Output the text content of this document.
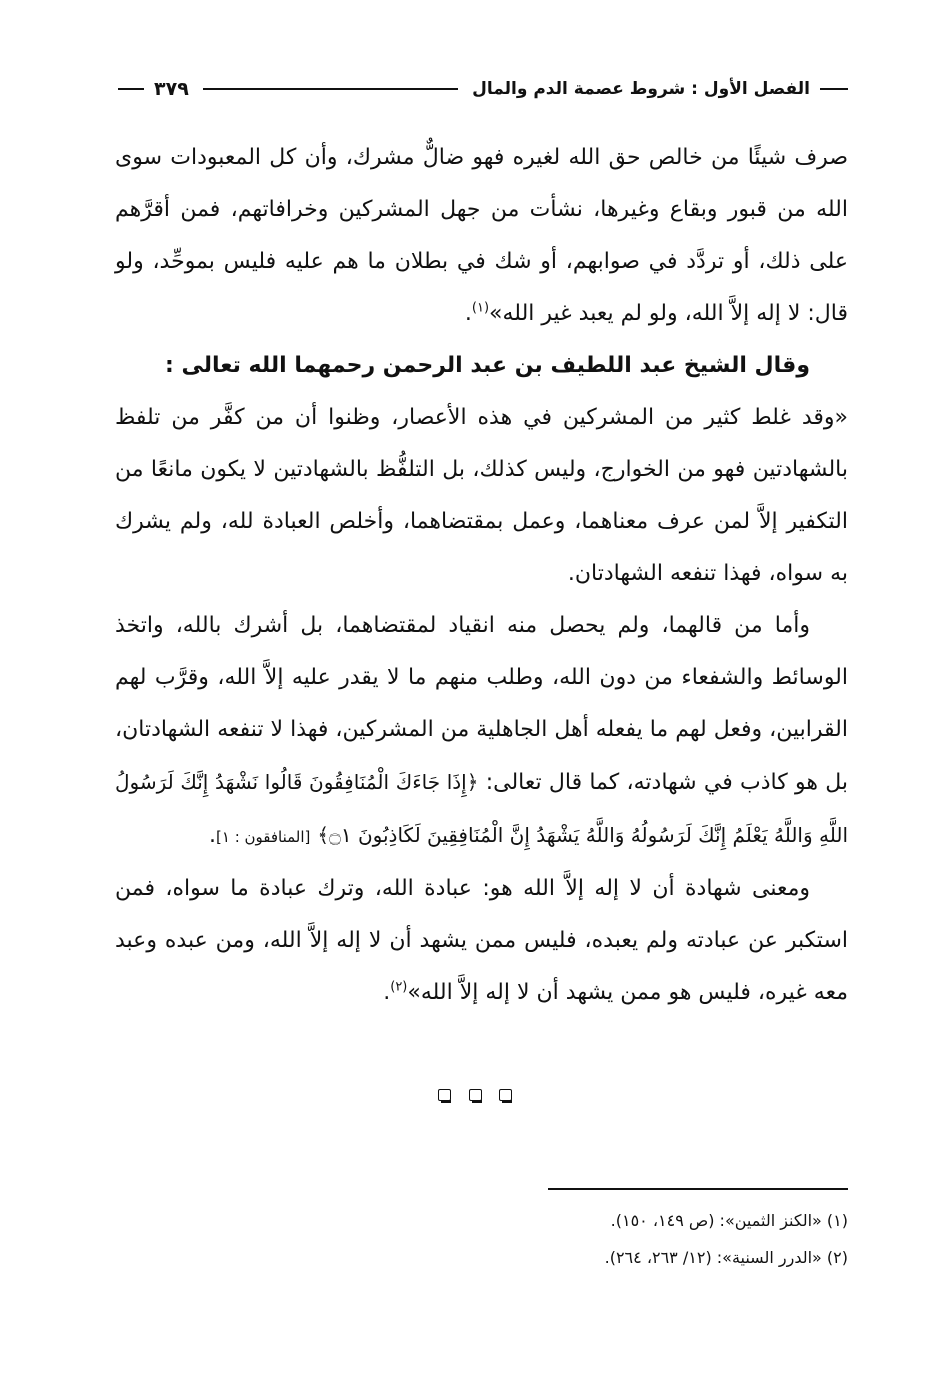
الفصل الأول : شروط عصمة الدم والمال
٣٧٩

صرف شيئًا من خالص حق الله لغيره فهو ضالٌّ مشرك، وأن كل المعبودات سوى الله من قبور وبقاع وغيرها، نشأت من جهل المشركين وخرافاتهم، فمن أقرَّهم على ذلك، أو تردَّد في صوابهم، أو شك في بطلان ما هم عليه فليس بموحِّد، ولو قال: لا إله إلاَّ الله، ولو لم يعبد غير الله»$^{(١)}$.

وقال الشيخ عبد اللطيف بن عبد الرحمن رحمهما الله تعالى :

«وقد غلط كثير من المشركين في هذه الأعصار، وظنوا أن من كفَّر من تلفظ بالشهادتين فهو من الخوارج، وليس كذلك، بل التلفُّظ بالشهادتين لا يكون مانعًا من التكفير إلاَّ لمن عرف معناهما، وعمل بمقتضاهما، وأخلص العبادة لله، ولم يشرك به سواه، فهذا تنفعه الشهادتان.

وأما من قالهما، ولم يحصل منه انقياد لمقتضاهما، بل أشرك بالله، واتخذ الوسائط والشفعاء من دون الله، وطلب منهم ما لا يقدر عليه إلاَّ الله، وقرَّب لهم القرابين، وفعل لهم ما يفعله أهل الجاهلية من المشركين، فهذا لا تنفعه الشهادتان، بل هو كاذب في شهادته، كما قال تعالى: ﴿إِذَا جَاءَكَ الْمُنَافِقُونَ قَالُوا نَشْهَدُ إِنَّكَ لَرَسُولُ اللَّهِ وَاللَّهُ يَعْلَمُ إِنَّكَ لَرَسُولُهُ وَاللَّهُ يَشْهَدُ إِنَّ الْمُنَافِقِينَ لَكَاذِبُونَ ۝١﴾ [المنافقون : ١].

ومعنى شهادة أن لا إله إلاَّ الله هو: عبادة الله، وترك عبادة ما سواه، فمن استكبر عن عبادته ولم يعبده، فليس ممن يشهد أن لا إله إلاَّ الله، ومن عبده وعبد معه غيره، فليس هو ممن يشهد أن لا إله إلاَّ الله»$^{(٢)}$.

(١) «الكنز الثمين»: (ص ١٤٩، ١٥٠).

(٢) «الدرر السنية»: (١٢/ ٢٦٣، ٢٦٤).
